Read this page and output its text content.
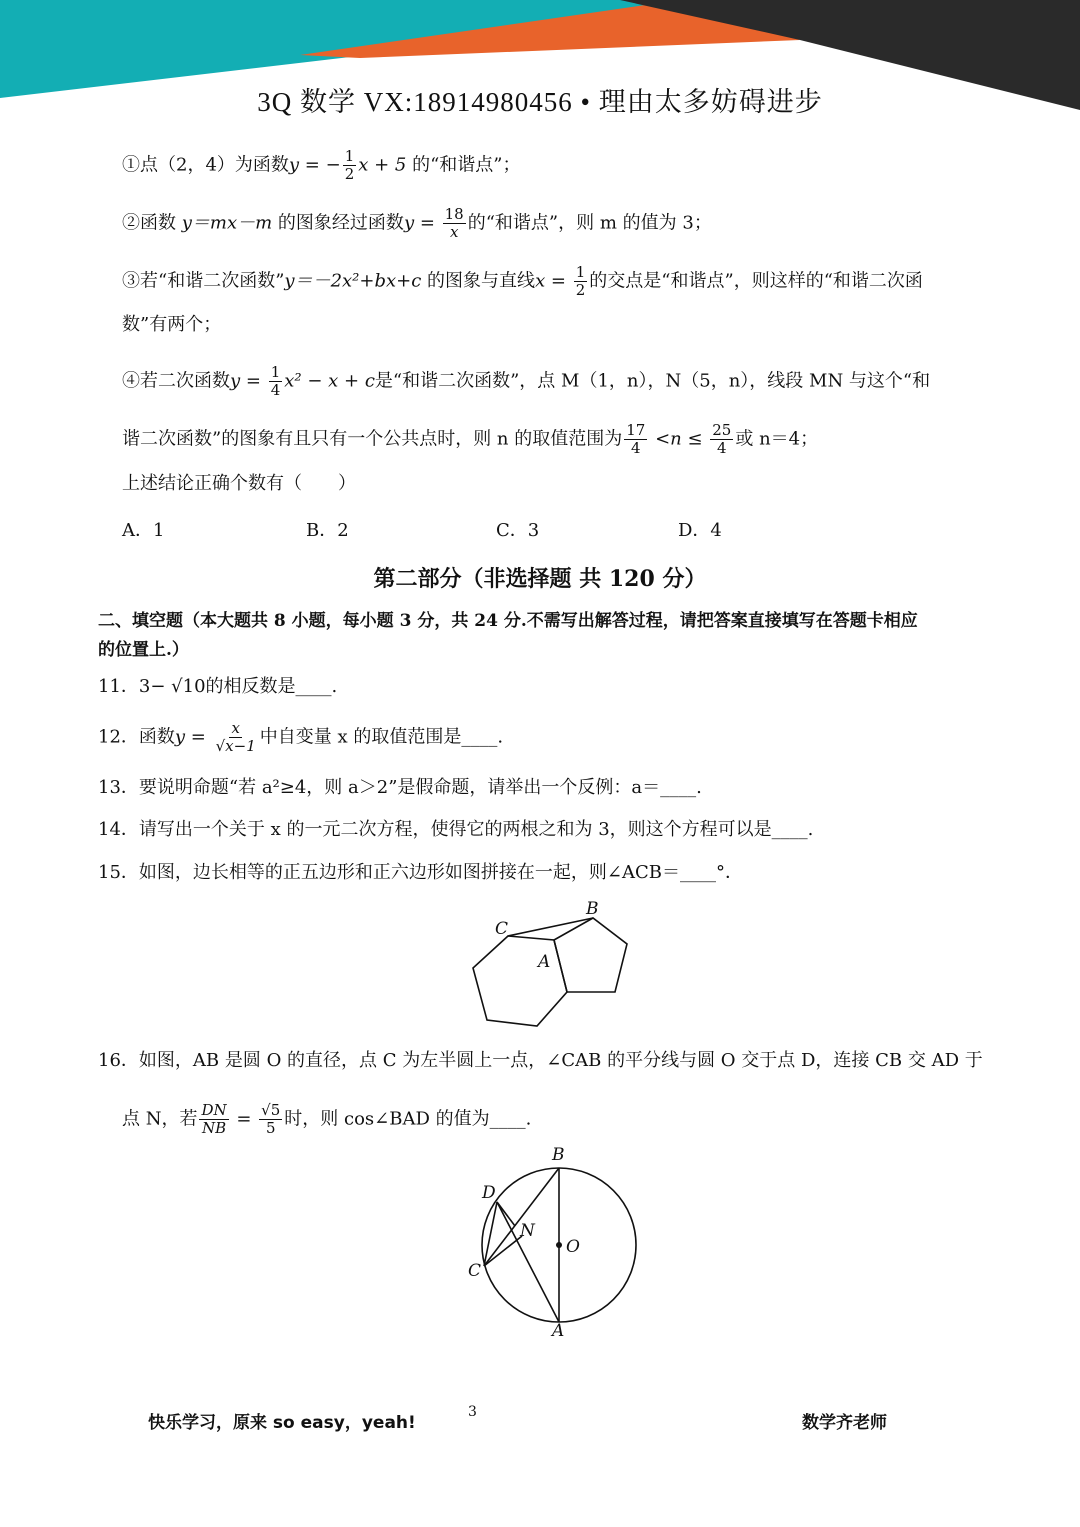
3Q 数学 VX:18914980456 • 理由太多妨碍进步
①点（2，4）为函数y = − $\frac{1}{2}$ x + 5 的“和谐点”；
②函数 y＝mx－m 的图象经过函数$y = \frac{18}{x}$ 的“和谐点”，则 m 的值为 3；
③若“和谐二次函数”y＝－2x²+bx+c 的图象与直线$x = \frac{1}{2}$ 的交点是“和谐点”，则这样的“和谐二次函
数”有两个；
④若二次函数$y = \frac{1}{4} x^2 - x + c$是“和谐二次函数”，点 M（1，n），N（5，n），线段 MN 与这个“和
谐二次函数”的图象有且只有一个公共点时，则 n 的取值范围为 $\frac{17}{4} <n \le \frac{25}{4}$ 或 n＝4；
上述结论正确个数有（　　）
A．1	B．2	C．3	D．4
第二部分（非选择题 共 120 分）
二、填空题（本大题共 8 小题，每小题 3 分，共 24 分.不需写出解答过程，请把答案直接填写在答题卡相应
的位置上.）
11．3− √10的相反数是____.
12．函数$y = \frac{x}{√x-1}$ 中自变量 x 的取值范围是____.
13．要说明命题“若 a²≥4，则 a＞2”是假命题，请举出一个反例：a＝____.
14．请写出一个关于 x 的一元二次方程，使得它的两根之和为 3，则这个方程可以是____.
15．如图，边长相等的正五边形和正六边形如图拼接在一起，则∠ACB＝____°．
C
B
A
16．如图，AB 是圆 O 的直径，点 C 为左半圆上一点，∠CAB 的平分线与圆 O 交于点 D，连接 CB 交 AD 于
点 N，若 $\frac{DN}{NB} = \frac{√5}{5}$ 时，则 cos∠BAD 的值为____.
B
D
N
O
C
A
快乐学习，原来 so easy，yeah!
3
数学齐老师
